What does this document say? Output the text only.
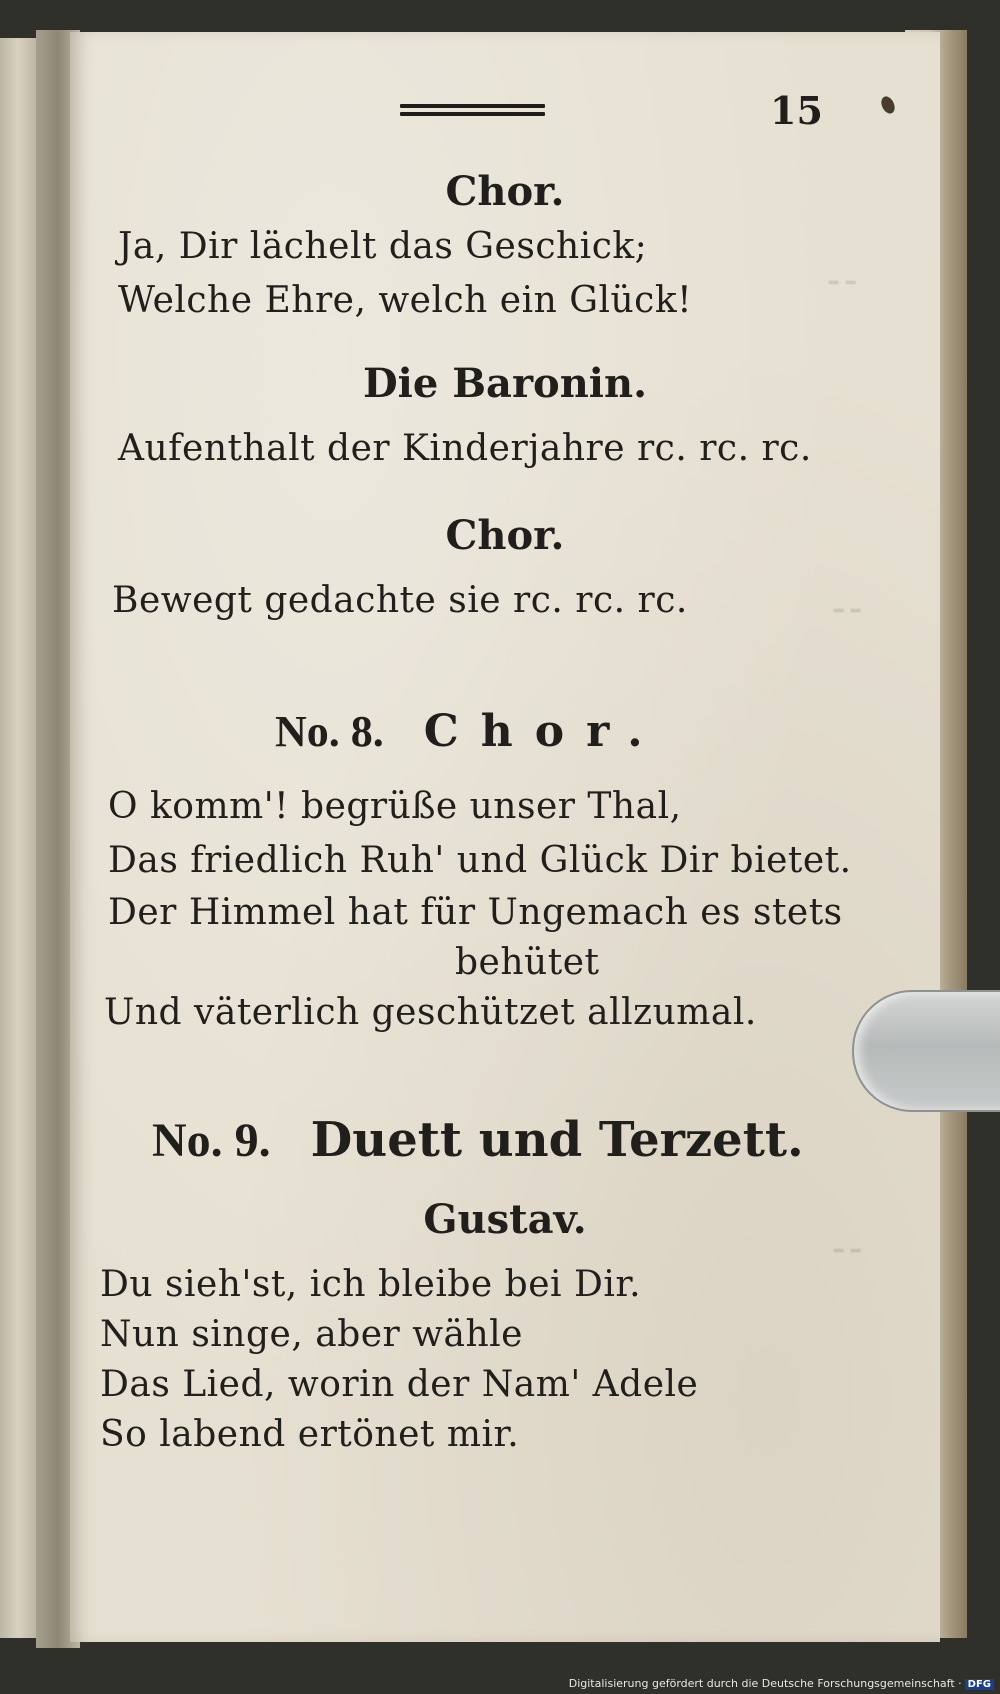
⁃⁃
⁃⁃
⁃⁃
15
Chor.
Ja, Dir lächelt das Geschick;
Welche Ehre, welch ein Glück!
Die Baronin.
Aufenthalt der Kinderjahre rc. rc. rc.
Chor.
Bewegt gedachte sie rc. rc. rc.
No. 8. Chor.
O komm'! begrüße unser Thal,
Das friedlich Ruh' und Glück Dir bietet.
Der Himmel hat für Ungemach es stets
behütet
Und väterlich geschützet allzumal.
No. 9. Duett und Terzett.
Gustav.
Du sieh'st, ich bleibe bei Dir.
Nun singe, aber wähle
Das Lied, worin der Nam' Adele
So labend ertönet mir.
Digitalisierung gefördert durch die Deutsche Forschungsgemeinschaft · DFG
